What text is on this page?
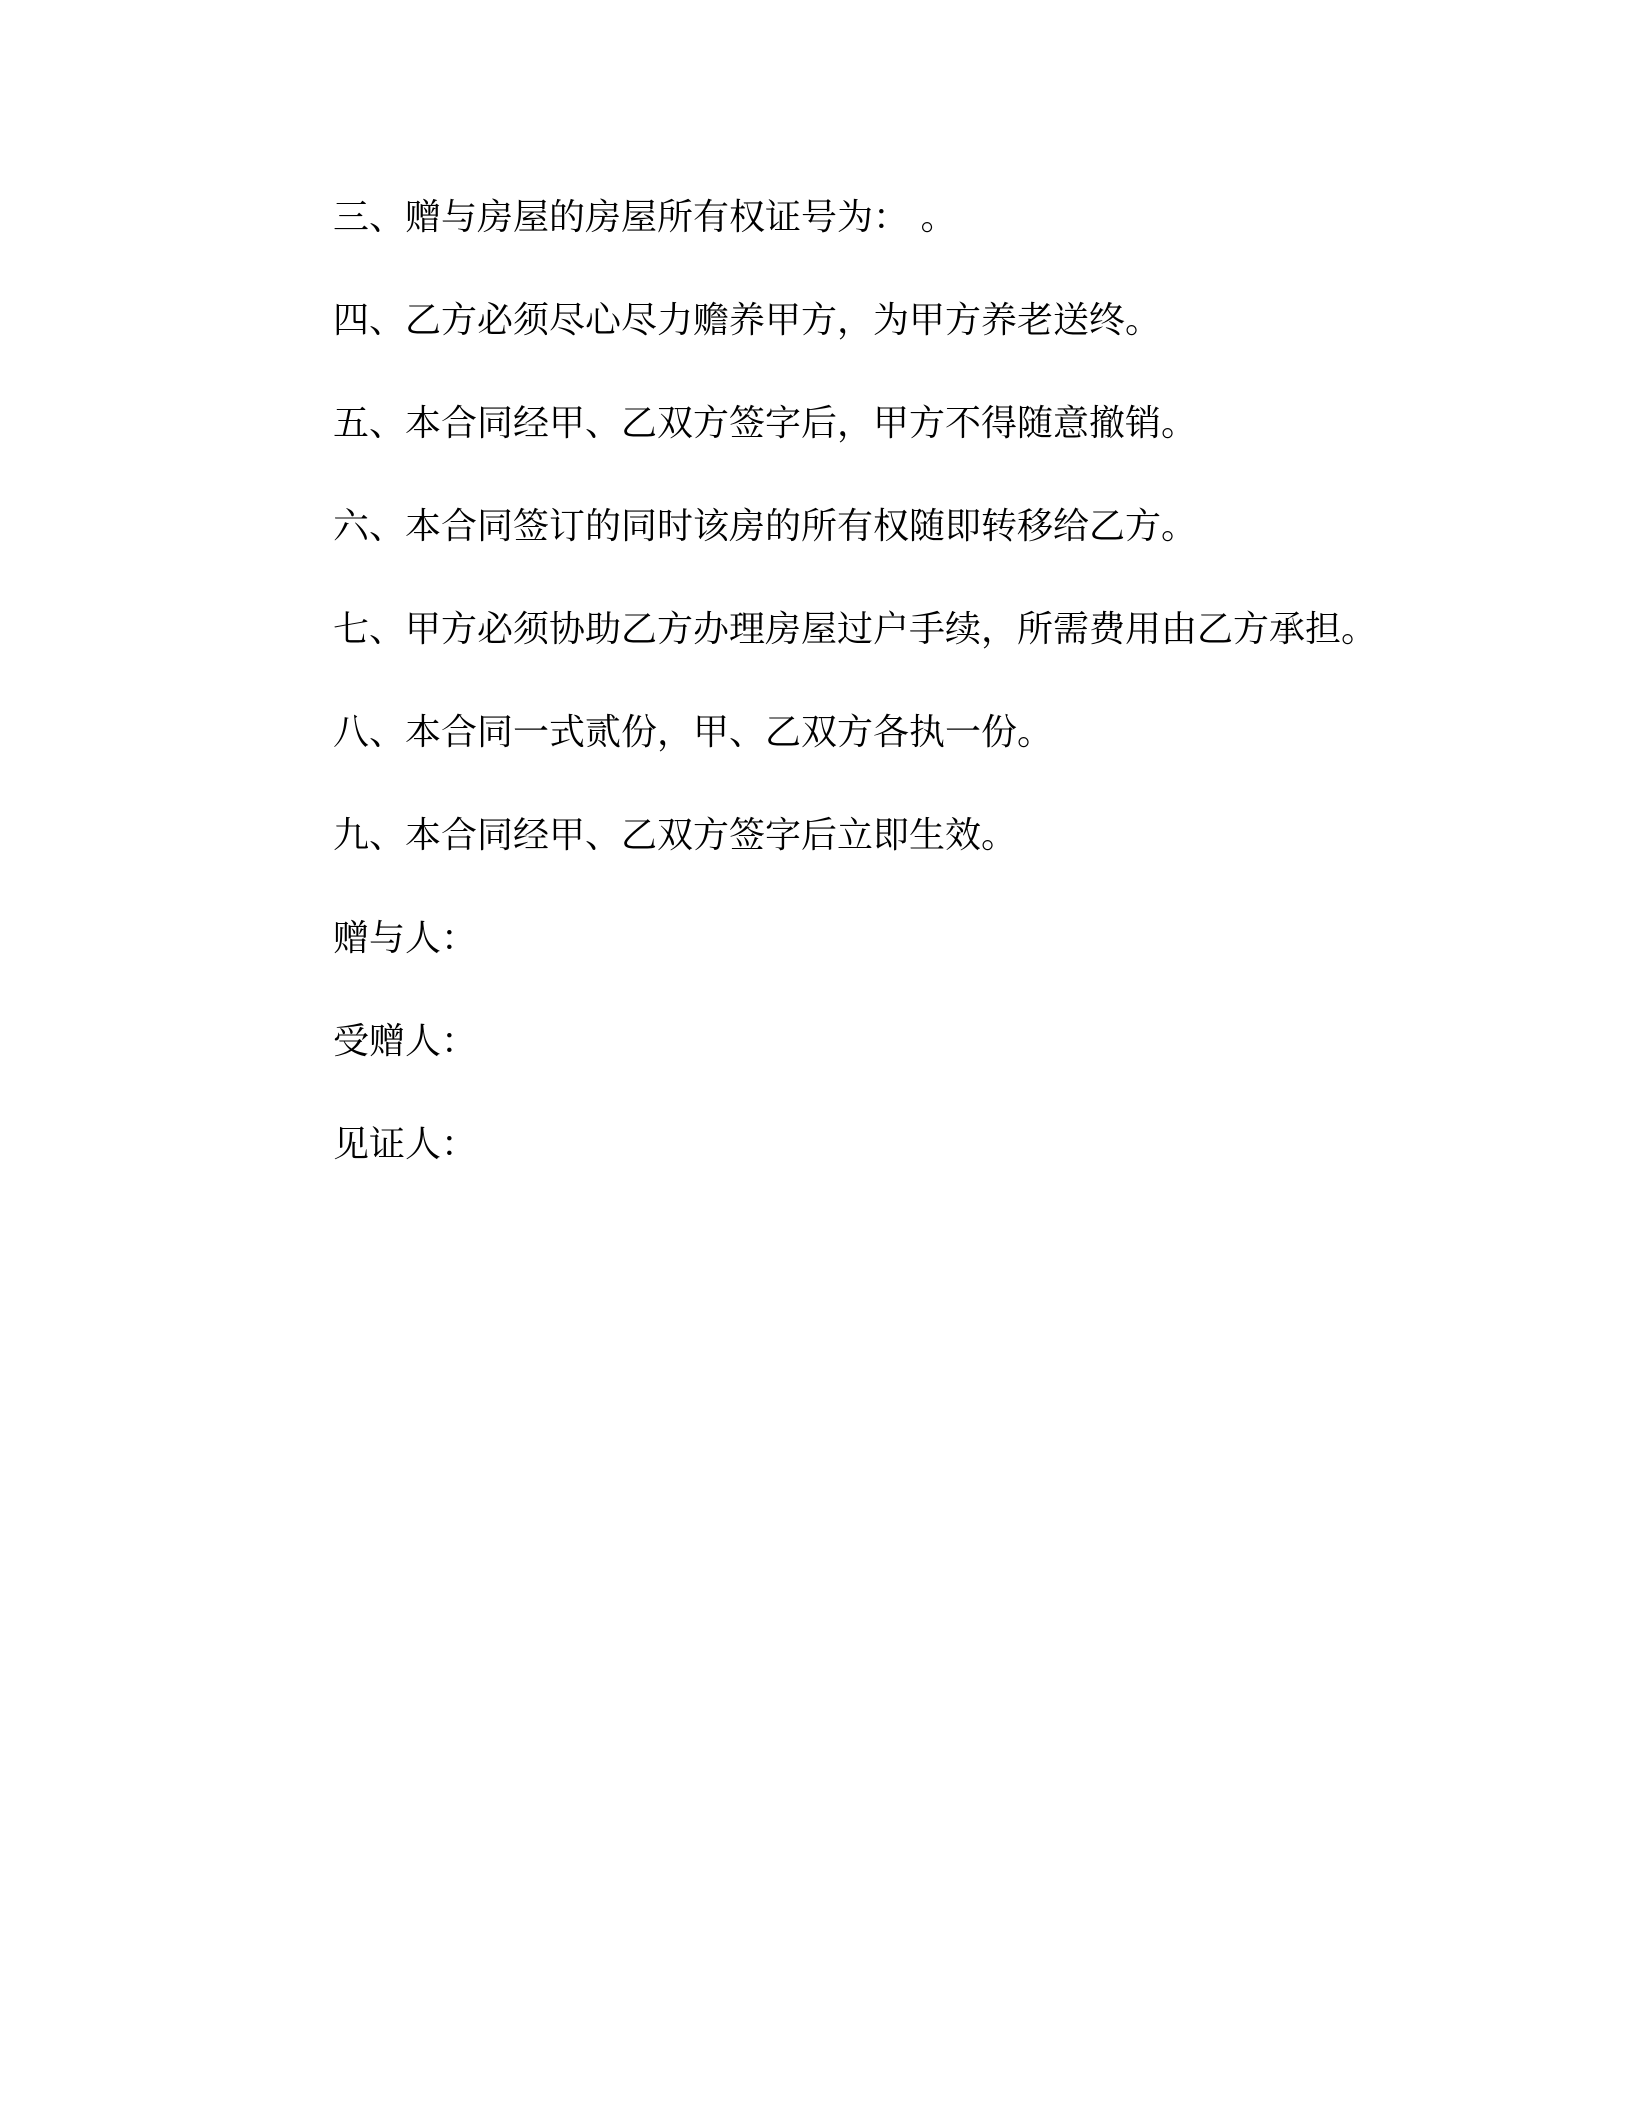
三、赠与房屋的房屋所有权证号为： 。

四、乙方必须尽心尽力赡养甲方，为甲方养老送终。

五、本合同经甲、乙双方签字后，甲方不得随意撤销。

六、本合同签订的同时该房的所有权随即转移给乙方。

七、甲方必须协助乙方办理房屋过户手续，所需费用由乙方承担。

八、本合同一式贰份，甲、乙双方各执一份。

九、本合同经甲、乙双方签字后立即生效。

赠与人：

受赠人：

见证人：
